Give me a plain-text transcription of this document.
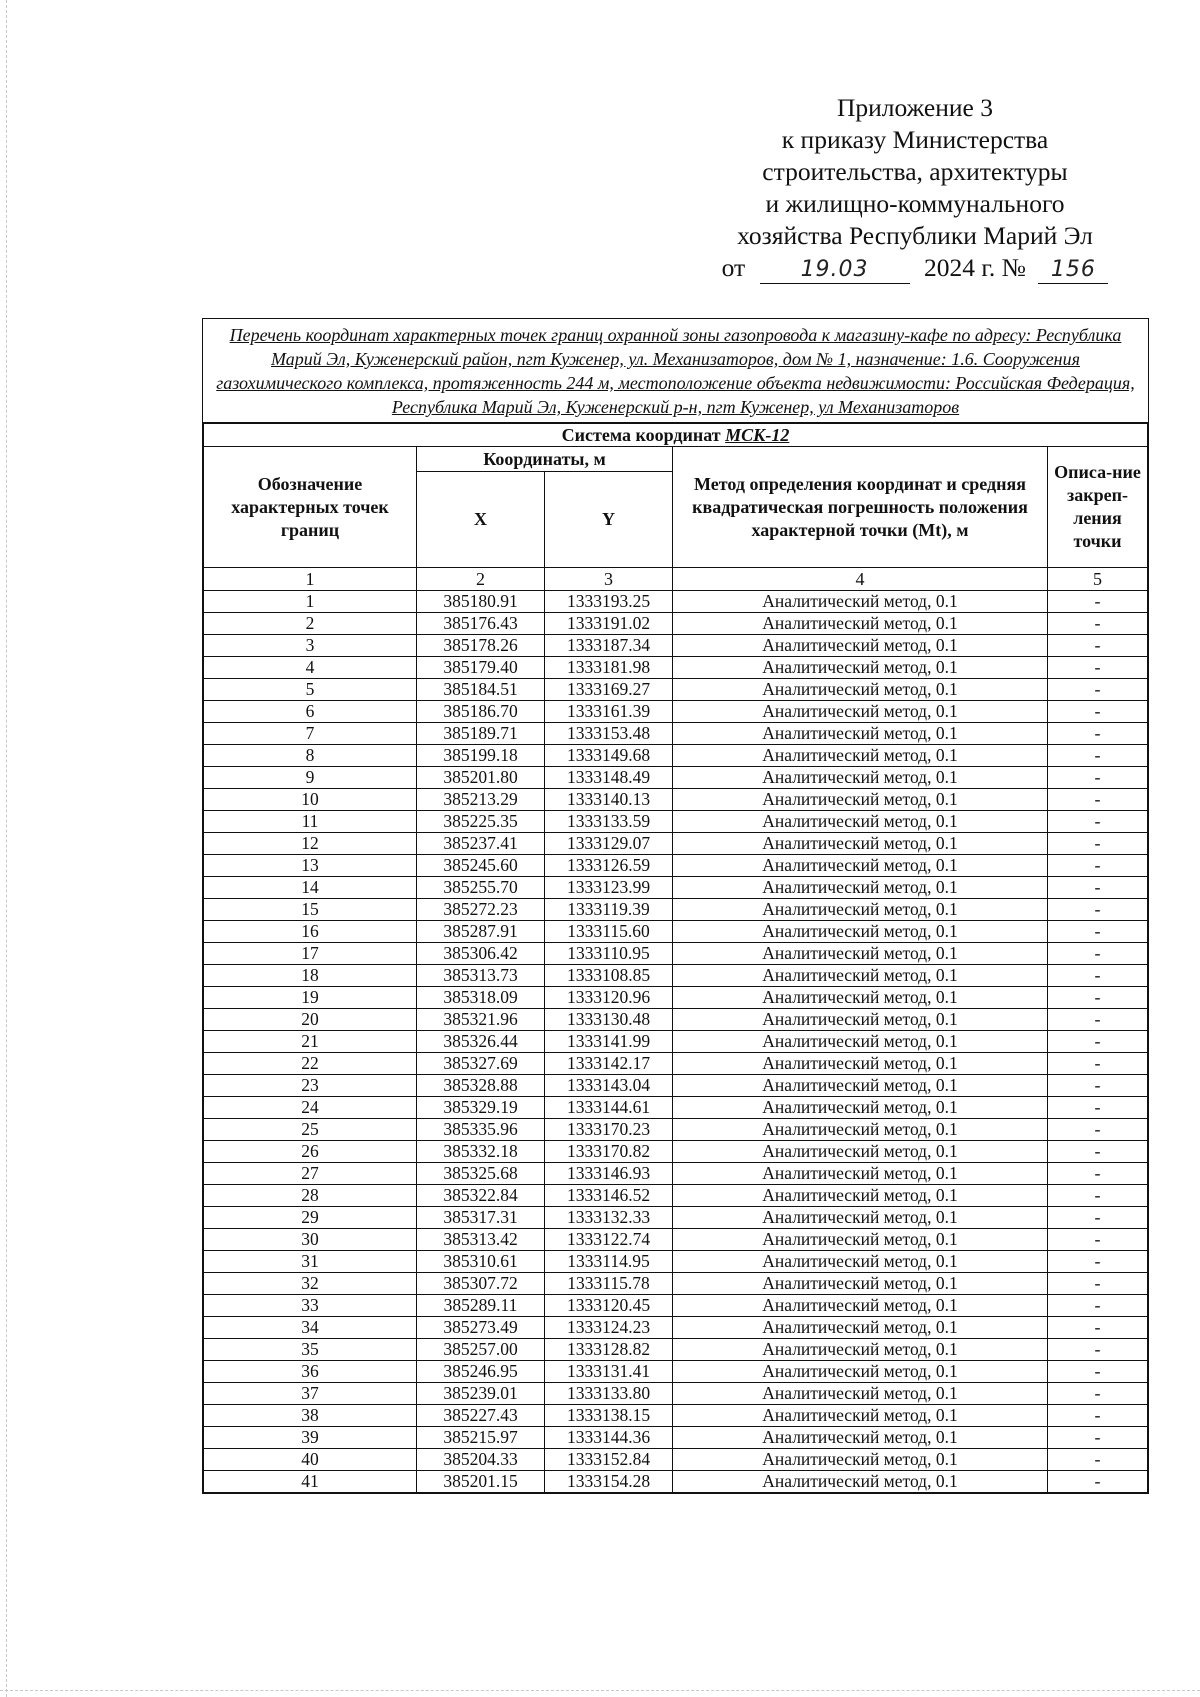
Приложение 3
к приказу Министерства
строительства, архитектуры
и жилищно-коммунального
хозяйства Республики Марий Эл
от	19.03 2024 г. № 156
Перечень координат характерных точек границ охранной зоны газопровода к магазину-кафе по адресу: Республика Марий Эл, Куженерский район, пгт Куженер, ул. Механизаторов, дом № 1, назначение: 1.6. Сооружения газохимического комплекса, протяженность 244 м, местоположение объекта недвижимости: Российская Федерация, Республика Марий Эл, Куженерский р-н, пгт Куженер, ул Механизаторов
Система координат МСК-12				
Обозначение характерных точек границ	Координаты, м		Метод определения координат и средняя квадратическая погрешность положения характерной точки (Mt), м	Описа-ние закреп-ления точки
	X	Y		
1	2	3	4	5
1	385180.91	1333193.25	Аналитический метод, 0.1	-
2	385176.43	1333191.02	Аналитический метод, 0.1	-
3	385178.26	1333187.34	Аналитический метод, 0.1	-
4	385179.40	1333181.98	Аналитический метод, 0.1	-
5	385184.51	1333169.27	Аналитический метод, 0.1	-
6	385186.70	1333161.39	Аналитический метод, 0.1	-
7	385189.71	1333153.48	Аналитический метод, 0.1	-
8	385199.18	1333149.68	Аналитический метод, 0.1	-
9	385201.80	1333148.49	Аналитический метод, 0.1	-
10	385213.29	1333140.13	Аналитический метод, 0.1	-
11	385225.35	1333133.59	Аналитический метод, 0.1	-
12	385237.41	1333129.07	Аналитический метод, 0.1	-
13	385245.60	1333126.59	Аналитический метод, 0.1	-
14	385255.70	1333123.99	Аналитический метод, 0.1	-
15	385272.23	1333119.39	Аналитический метод, 0.1	-
16	385287.91	1333115.60	Аналитический метод, 0.1	-
17	385306.42	1333110.95	Аналитический метод, 0.1	-
18	385313.73	1333108.85	Аналитический метод, 0.1	-
19	385318.09	1333120.96	Аналитический метод, 0.1	-
20	385321.96	1333130.48	Аналитический метод, 0.1	-
21	385326.44	1333141.99	Аналитический метод, 0.1	-
22	385327.69	1333142.17	Аналитический метод, 0.1	-
23	385328.88	1333143.04	Аналитический метод, 0.1	-
24	385329.19	1333144.61	Аналитический метод, 0.1	-
25	385335.96	1333170.23	Аналитический метод, 0.1	-
26	385332.18	1333170.82	Аналитический метод, 0.1	-
27	385325.68	1333146.93	Аналитический метод, 0.1	-
28	385322.84	1333146.52	Аналитический метод, 0.1	-
29	385317.31	1333132.33	Аналитический метод, 0.1	-
30	385313.42	1333122.74	Аналитический метод, 0.1	-
31	385310.61	1333114.95	Аналитический метод, 0.1	-
32	385307.72	1333115.78	Аналитический метод, 0.1	-
33	385289.11	1333120.45	Аналитический метод, 0.1	-
34	385273.49	1333124.23	Аналитический метод, 0.1	-
35	385257.00	1333128.82	Аналитический метод, 0.1	-
36	385246.95	1333131.41	Аналитический метод, 0.1	-
37	385239.01	1333133.80	Аналитический метод, 0.1	-
38	385227.43	1333138.15	Аналитический метод, 0.1	-
39	385215.97	1333144.36	Аналитический метод, 0.1	-
40	385204.33	1333152.84	Аналитический метод, 0.1	-
41	385201.15	1333154.28	Аналитический метод, 0.1	-
